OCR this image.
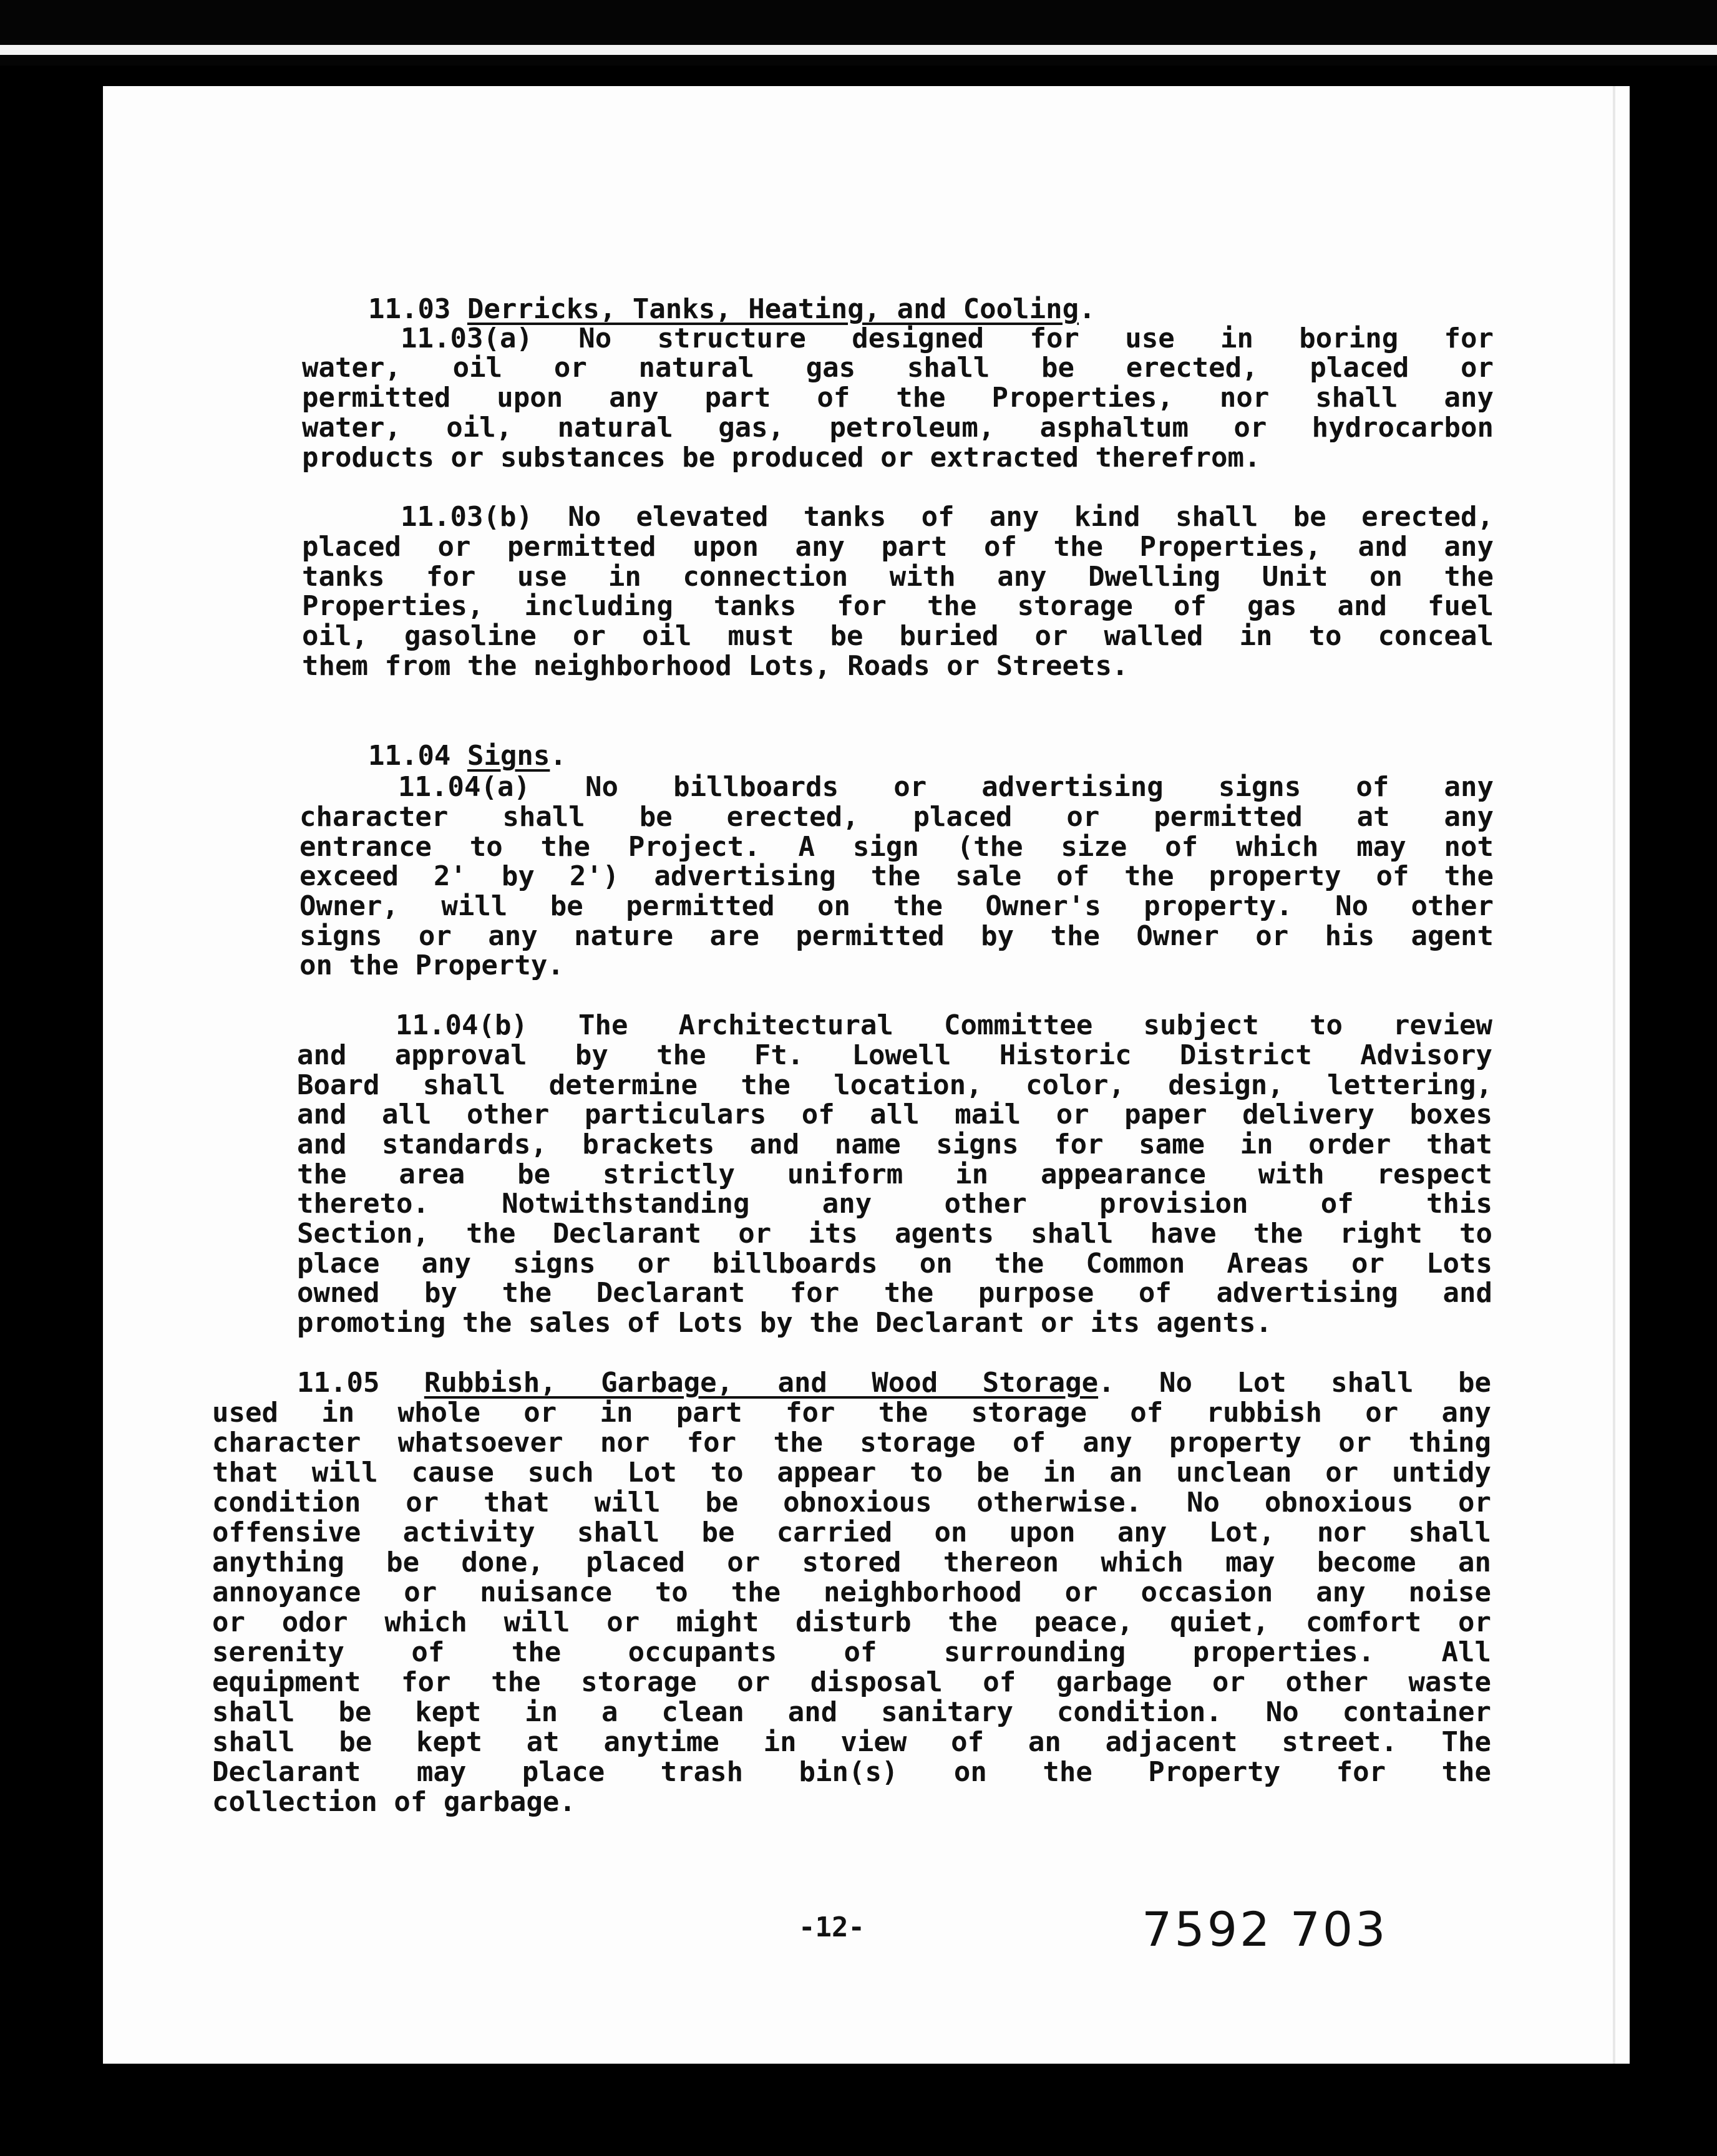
11.03 Derricks, Tanks, Heating, and Cooling.

11.03(a) No structure designed for use in boring for
water, oil or natural gas shall be erected, placed or
permitted upon any part of the Properties, nor shall any
water, oil, natural gas, petroleum, asphaltum or hydrocarbon
products or substances be produced or extracted therefrom.
11.03(b) No elevated tanks of any kind shall be erected,
placed or permitted upon any part of the Properties, and any
tanks for use in connection with any Dwelling Unit on the
Properties, including tanks for the storage of gas and fuel
oil, gasoline or oil must be buried or walled in to conceal
them from the neighborhood Lots, Roads or Streets.

11.04 Signs.

11.04(a) No billboards or advertising signs of any
character shall be erected, placed or permitted at any
entrance to the Project. A sign (the size of which may not
exceed 2' by 2') advertising the sale of the property of the
Owner, will be permitted on the Owner's property. No other
signs or any nature are permitted by the Owner or his agent
on the Property.
11.04(b) The Architectural Committee subject to review
and approval by the Ft. Lowell Historic District Advisory
Board shall determine the location, color, design, lettering,
and all other particulars of all mail or paper delivery boxes
and standards, brackets and name signs for same in order that
the area be strictly uniform in appearance with respect
thereto. Notwithstanding any other provision of this
Section, the Declarant or its agents shall have the right to
place any signs or billboards on the Common Areas or Lots
owned by the Declarant for the purpose of advertising and
promoting the sales of Lots by the Declarant or its agents.
11.05 Rubbish, Garbage, and Wood Storage. No Lot shall be
used in whole or in part for the storage of rubbish or any
character whatsoever nor for the storage of any property or thing
that will cause such Lot to appear to be in an unclean or untidy
condition or that will be obnoxious otherwise. No obnoxious or
offensive activity shall be carried on upon any Lot, nor shall
anything be done, placed or stored thereon which may become an
annoyance or nuisance to the neighborhood or occasion any noise
or odor which will or might disturb the peace, quiet, comfort or
serenity of the occupants of surrounding properties. All
equipment for the storage or disposal of garbage or other waste
shall be kept in a clean and sanitary condition. No container
shall be kept at anytime in view of an adjacent street. The
Declarant may place trash bin(s) on the Property for the
collection of garbage.
-12-	7592 703
